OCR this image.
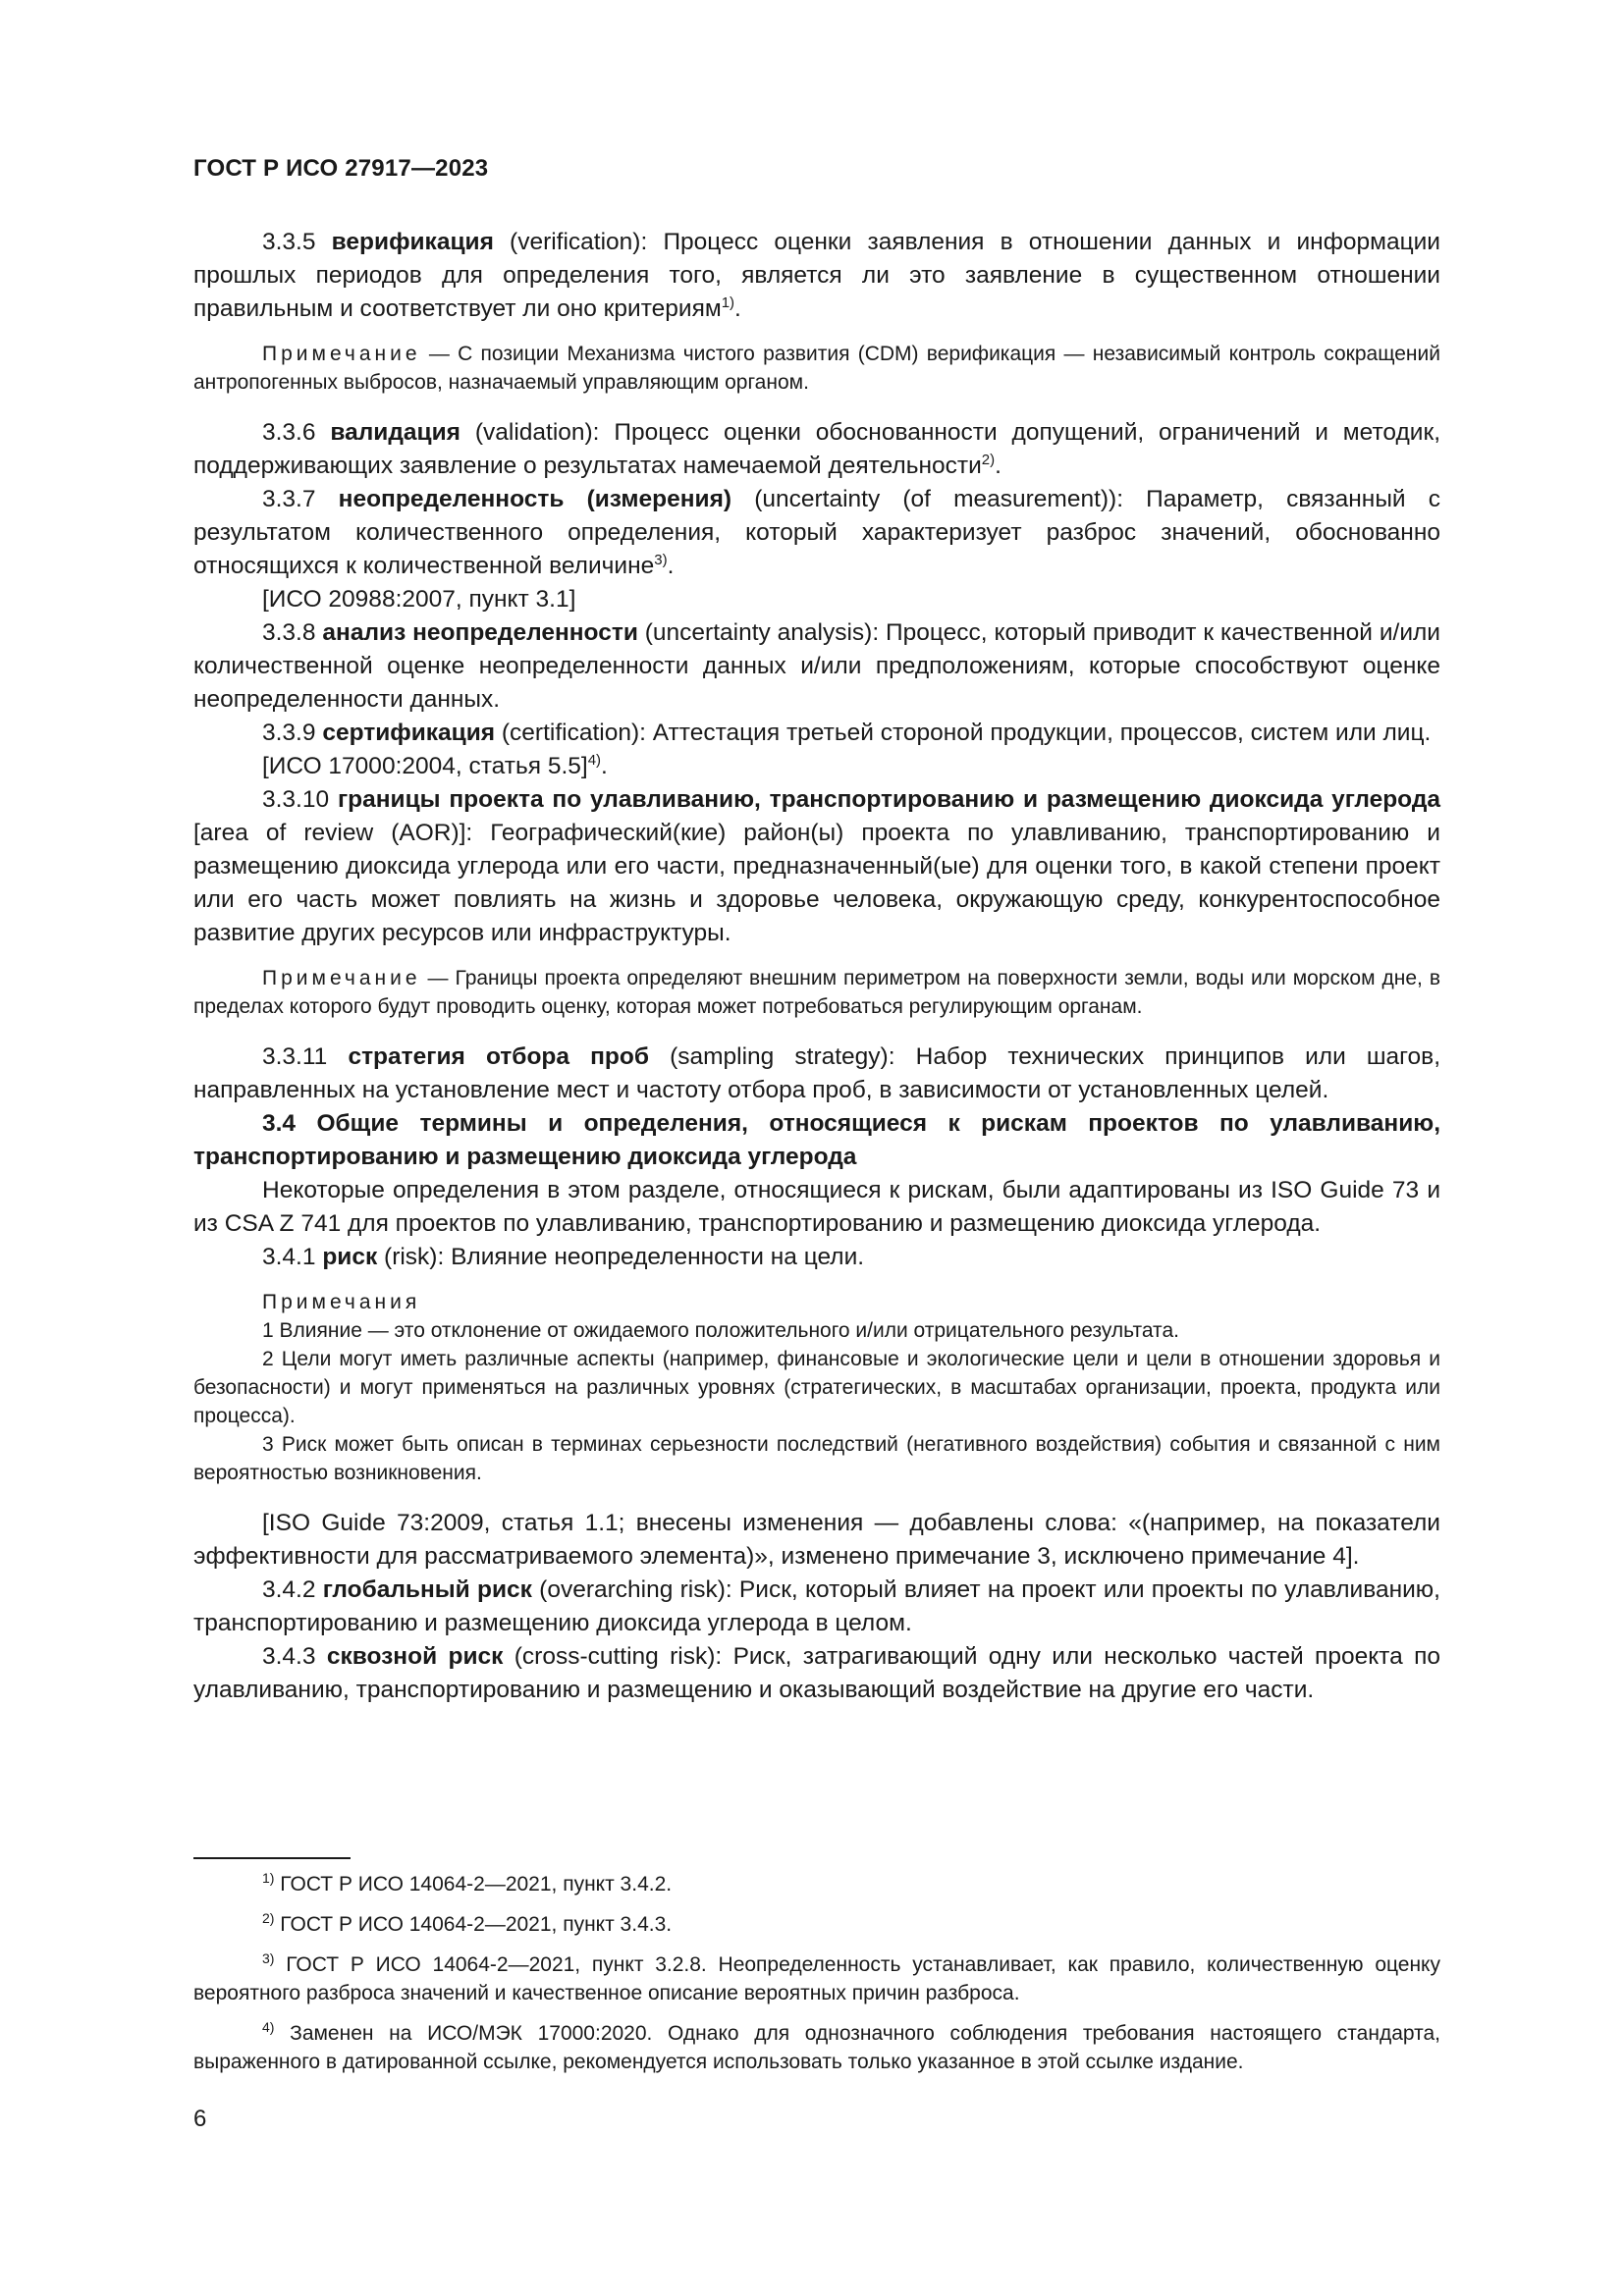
ГОСТ Р ИСО 27917—2023

3.3.5 верификация (verification): Процесс оценки заявления в отношении данных и информации прошлых периодов для определения того, является ли это заявление в существенном отношении правильным и соответствует ли оно критериям$^{1)}$.

Примечание — С позиции Механизма чистого развития (CDM) верификация — независимый контроль сокращений антропогенных выбросов, назначаемый управляющим органом.

3.3.6 валидация (validation): Процесс оценки обоснованности допущений, ограничений и методик, поддерживающих заявление о результатах намечаемой деятельности$^{2)}$.

3.3.7 неопределенность (измерения) (uncertainty (of measurement)): Параметр, связанный с результатом количественного определения, который характеризует разброс значений, обоснованно относящихся к количественной величине$^{3)}$.

[ИСО 20988:2007, пункт 3.1]

3.3.8 анализ неопределенности (uncertainty analysis): Процесс, который приводит к качественной и/или количественной оценке неопределенности данных и/или предположениям, которые способствуют оценке неопределенности данных.

3.3.9 сертификация (certification): Аттестация третьей стороной продукции, процессов, систем или лиц.

[ИСО 17000:2004, статья 5.5]$^{4)}$.

3.3.10 границы проекта по улавливанию, транспортированию и размещению диоксида углерода [area of review (AOR)]: Географический(кие) район(ы) проекта по улавливанию, транспортированию и размещению диоксида углерода или его части, предназначенный(ые) для оценки того, в какой степени проект или его часть может повлиять на жизнь и здоровье человека, окружающую среду, конкурентоспособное развитие других ресурсов или инфраструктуры.

Примечание — Границы проекта определяют внешним периметром на поверхности земли, воды или морском дне, в пределах которого будут проводить оценку, которая может потребоваться регулирующим органам.

3.3.11 стратегия отбора проб (sampling strategy): Набор технических принципов или шагов, направленных на установление мест и частоту отбора проб, в зависимости от установленных целей.

3.4 Общие термины и определения, относящиеся к рискам проектов по улавливанию, транспортированию и размещению диоксида углерода

Некоторые определения в этом разделе, относящиеся к рискам, были адаптированы из ISO Guide 73 и из CSA Z 741 для проектов по улавливанию, транспортированию и размещению диоксида углерода.

3.4.1 риск (risk): Влияние неопределенности на цели.

Примечания

1 Влияние — это отклонение от ожидаемого положительного и/или отрицательного результата.

2 Цели могут иметь различные аспекты (например, финансовые и экологические цели и цели в отношении здоровья и безопасности) и могут применяться на различных уровнях (стратегических, в масштабах организации, проекта, продукта или процесса).

3 Риск может быть описан в терминах серьезности последствий (негативного воздействия) события и связанной с ним вероятностью возникновения.

[ISO Guide 73:2009, статья 1.1; внесены изменения — добавлены слова: «(например, на показатели эффективности для рассматриваемого элемента)», изменено примечание 3, исключено примечание 4].

3.4.2 глобальный риск (overarching risk): Риск, который влияет на проект или проекты по улавливанию, транспортированию и размещению диоксида углерода в целом.

3.4.3 сквозной риск (cross-cutting risk): Риск, затрагивающий одну или несколько частей проекта по улавливанию, транспортированию и размещению и оказывающий воздействие на другие его части.

$^{1)}$ ГОСТ Р ИСО 14064-2—2021, пункт 3.4.2.

$^{2)}$ ГОСТ Р ИСО 14064-2—2021, пункт 3.4.3.

$^{3)}$ ГОСТ Р ИСО 14064-2—2021, пункт 3.2.8. Неопределенность устанавливает, как правило, количественную оценку вероятного разброса значений и качественное описание вероятных причин разброса.

$^{4)}$ Заменен на ИСО/МЭК 17000:2020. Однако для однозначного соблюдения требования настоящего стандарта, выраженного в датированной ссылке, рекомендуется использовать только указанное в этой ссылке издание.

6
